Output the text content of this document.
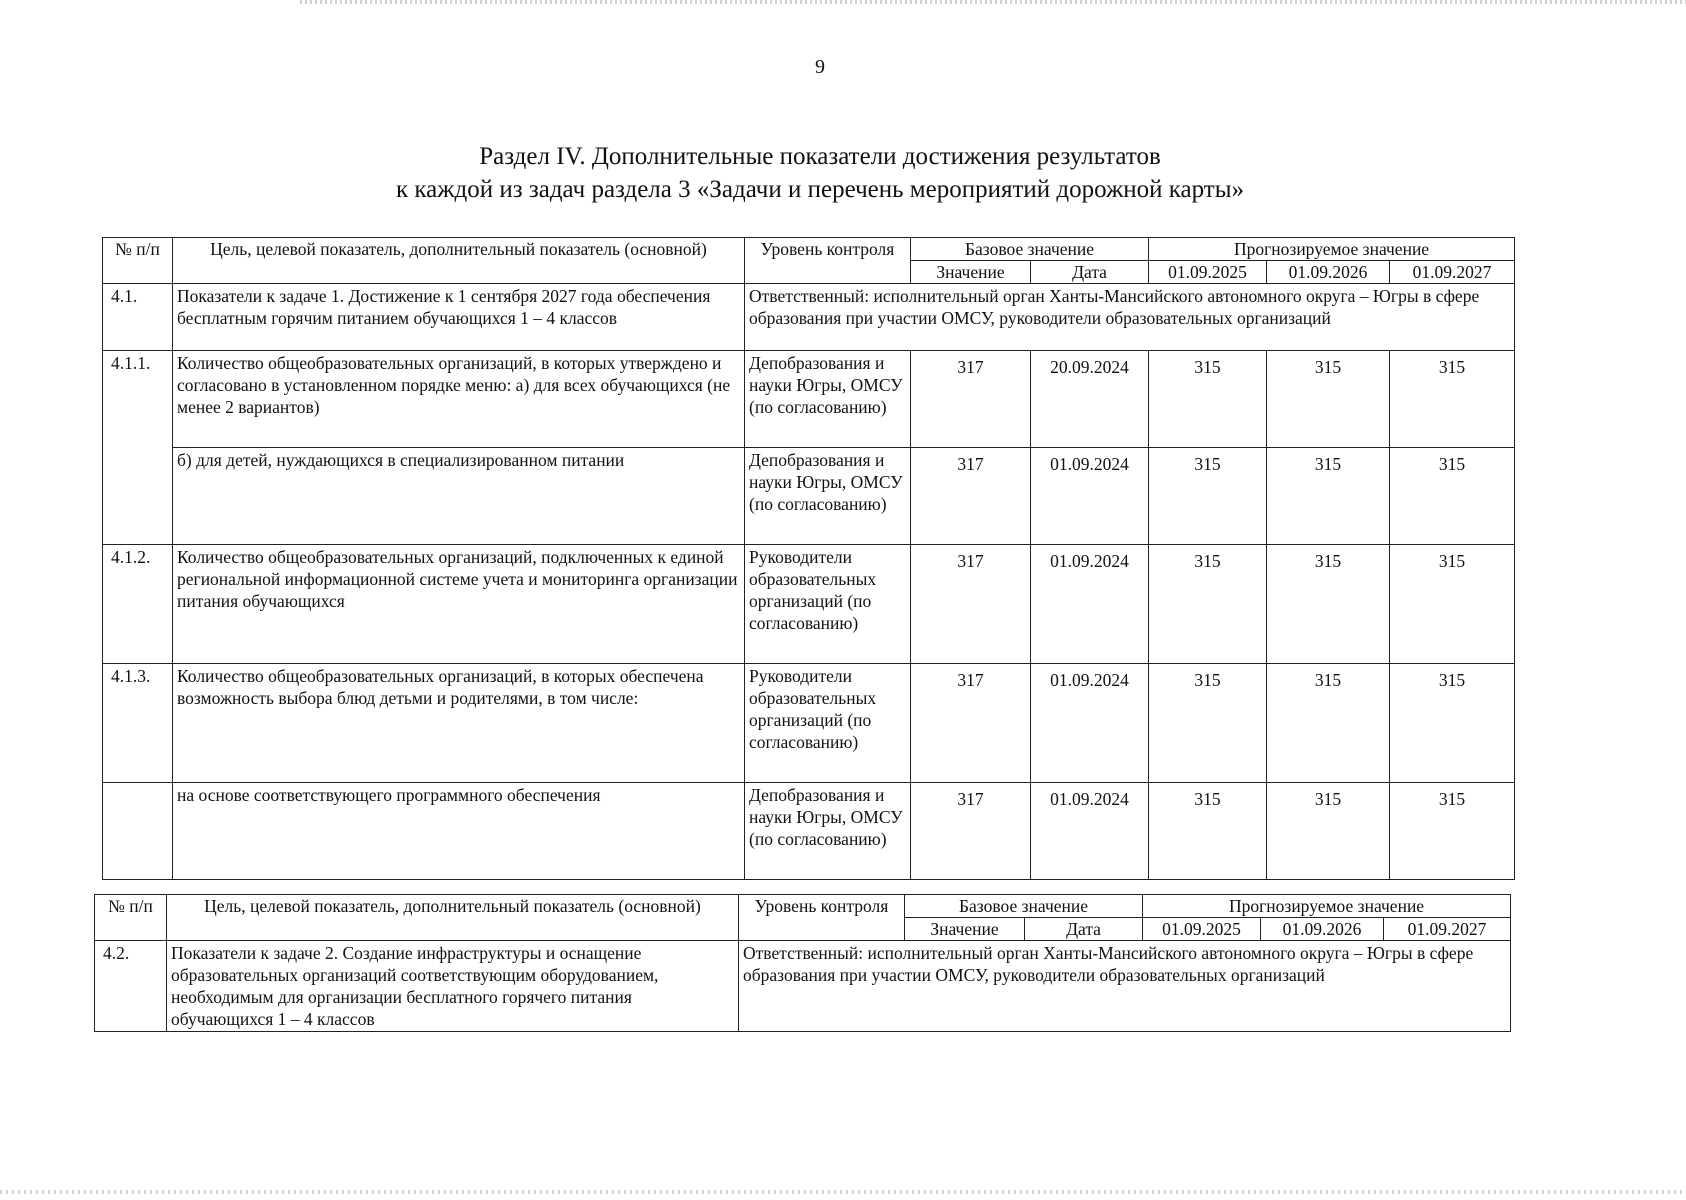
9
Раздел IV. Дополнительные показатели достижения результатов
к каждой из задач раздела 3 «Задачи и перечень мероприятий дорожной карты»
№ п/п	Цель, целевой показатель, дополнительный показатель (основной)	Уровень контроля	Базовое значение		Прогнозируемое значение		
			Значение	Дата	01.09.2025	01.09.2026	01.09.2027
4.1.	Показатели к задаче 1. Достижение к 1 сентября 2027 года обеспечения бесплатным горячим питанием обучающихся 1 – 4 классов	Ответственный: исполнительный орган Ханты-Мансийского автономного округа – Югры в сфере образования при участии ОМСУ, руководители образовательных организаций					
4.1.1.	Количество общеобразовательных организаций, в которых утверждено и согласовано в установленном порядке меню: а) для всех обучающихся (не менее 2 вариантов)	Депобразования и науки Югры, ОМСУ (по согласованию)	317	20.09.2024	315	315	315
	б) для детей, нуждающихся в специализированном питании	Депобразования и науки Югры, ОМСУ (по согласованию)	317	01.09.2024	315	315	315
4.1.2.	Количество общеобразовательных организаций, подключенных к единой региональной информационной системе учета и мониторинга организации питания обучающихся	Руководители образовательных организаций (по согласованию)	317	01.09.2024	315	315	315
4.1.3.	Количество общеобразовательных организаций, в которых обеспечена возможность выбора блюд детьми и родителями, в том числе:	Руководители образовательных организаций (по согласованию)	317	01.09.2024	315	315	315
	на основе соответствующего программного обеспечения	Депобразования и науки Югры, ОМСУ (по согласованию)	317	01.09.2024	315	315	315
№ п/п	Цель, целевой показатель, дополнительный показатель (основной)	Уровень контроля	Базовое значение		Прогнозируемое значение		
			Значение	Дата	01.09.2025	01.09.2026	01.09.2027
4.2.	Показатели к задаче 2. Создание инфраструктуры и оснащение образовательных организаций соответствующим оборудованием, необходимым для организации бесплатного горячего питания обучающихся 1 – 4 классов	Ответственный: исполнительный орган Ханты-Мансийского автономного округа – Югры в сфере образования при участии ОМСУ, руководители образовательных организаций					
